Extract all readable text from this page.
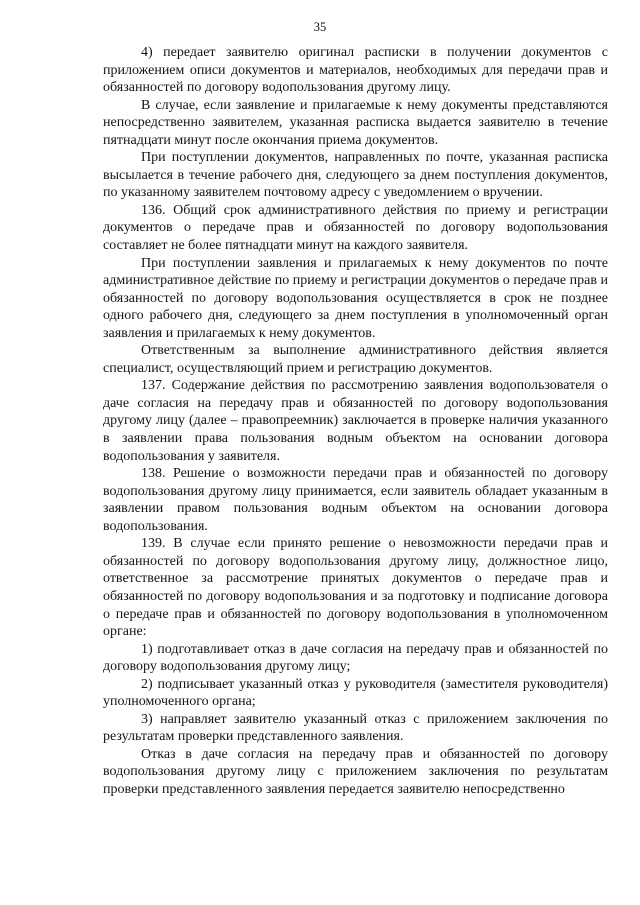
35

4) передает заявителю оригинал расписки в получении документов с приложением описи документов и материалов, необходимых для передачи прав и обязанностей по договору водопользования другому лицу.

В случае, если заявление и прилагаемые к нему документы представляются непосредственно заявителем, указанная расписка выдается заявителю в течение пятнадцати минут после окончания приема документов.

При поступлении документов, направленных по почте, указанная расписка высылается в течение рабочего дня, следующего за днем поступления документов, по указанному заявителем почтовому адресу с уведомлением о вручении.

136. Общий срок административного действия по приему и регистрации документов о передаче прав и обязанностей по договору водопользования составляет не более пятнадцати минут на каждого заявителя.

При поступлении заявления и прилагаемых к нему документов по почте административное действие по приему и регистрации документов о передаче прав и обязанностей по договору водопользования осуществляется в срок не позднее одного рабочего дня, следующего за днем поступления в уполномоченный орган заявления и прилагаемых к нему документов.

Ответственным за выполнение административного действия является специалист, осуществляющий прием и регистрацию документов.

137. Содержание действия по рассмотрению заявления водопользователя о даче согласия на передачу прав и обязанностей по договору водопользования другому лицу (далее – правопреемник) заключается в проверке наличия указанного в заявлении права пользования водным объектом на основании договора водопользования у заявителя.

138. Решение о возможности передачи прав и обязанностей по договору водопользования другому лицу принимается, если заявитель обладает указанным в заявлении правом пользования водным объектом на основании договора водопользования.

139. В случае если принято решение о невозможности передачи прав и обязанностей по договору водопользования другому лицу, должностное лицо, ответственное за рассмотрение принятых документов о передаче прав и обязанностей по договору водопользования и за подготовку и подписание договора о передаче прав и обязанностей по договору водопользования в уполномоченном органе:

1) подготавливает отказ в даче согласия на передачу прав и обязанностей по договору водопользования другому лицу;

2) подписывает указанный отказ у руководителя (заместителя руководителя) уполномоченного органа;

3) направляет заявителю указанный отказ с приложением заключения по результатам проверки представленного заявления.

Отказ в даче согласия на передачу прав и обязанностей по договору водопользования другому лицу с приложением заключения по результатам проверки представленного заявления передается заявителю непосредственно
